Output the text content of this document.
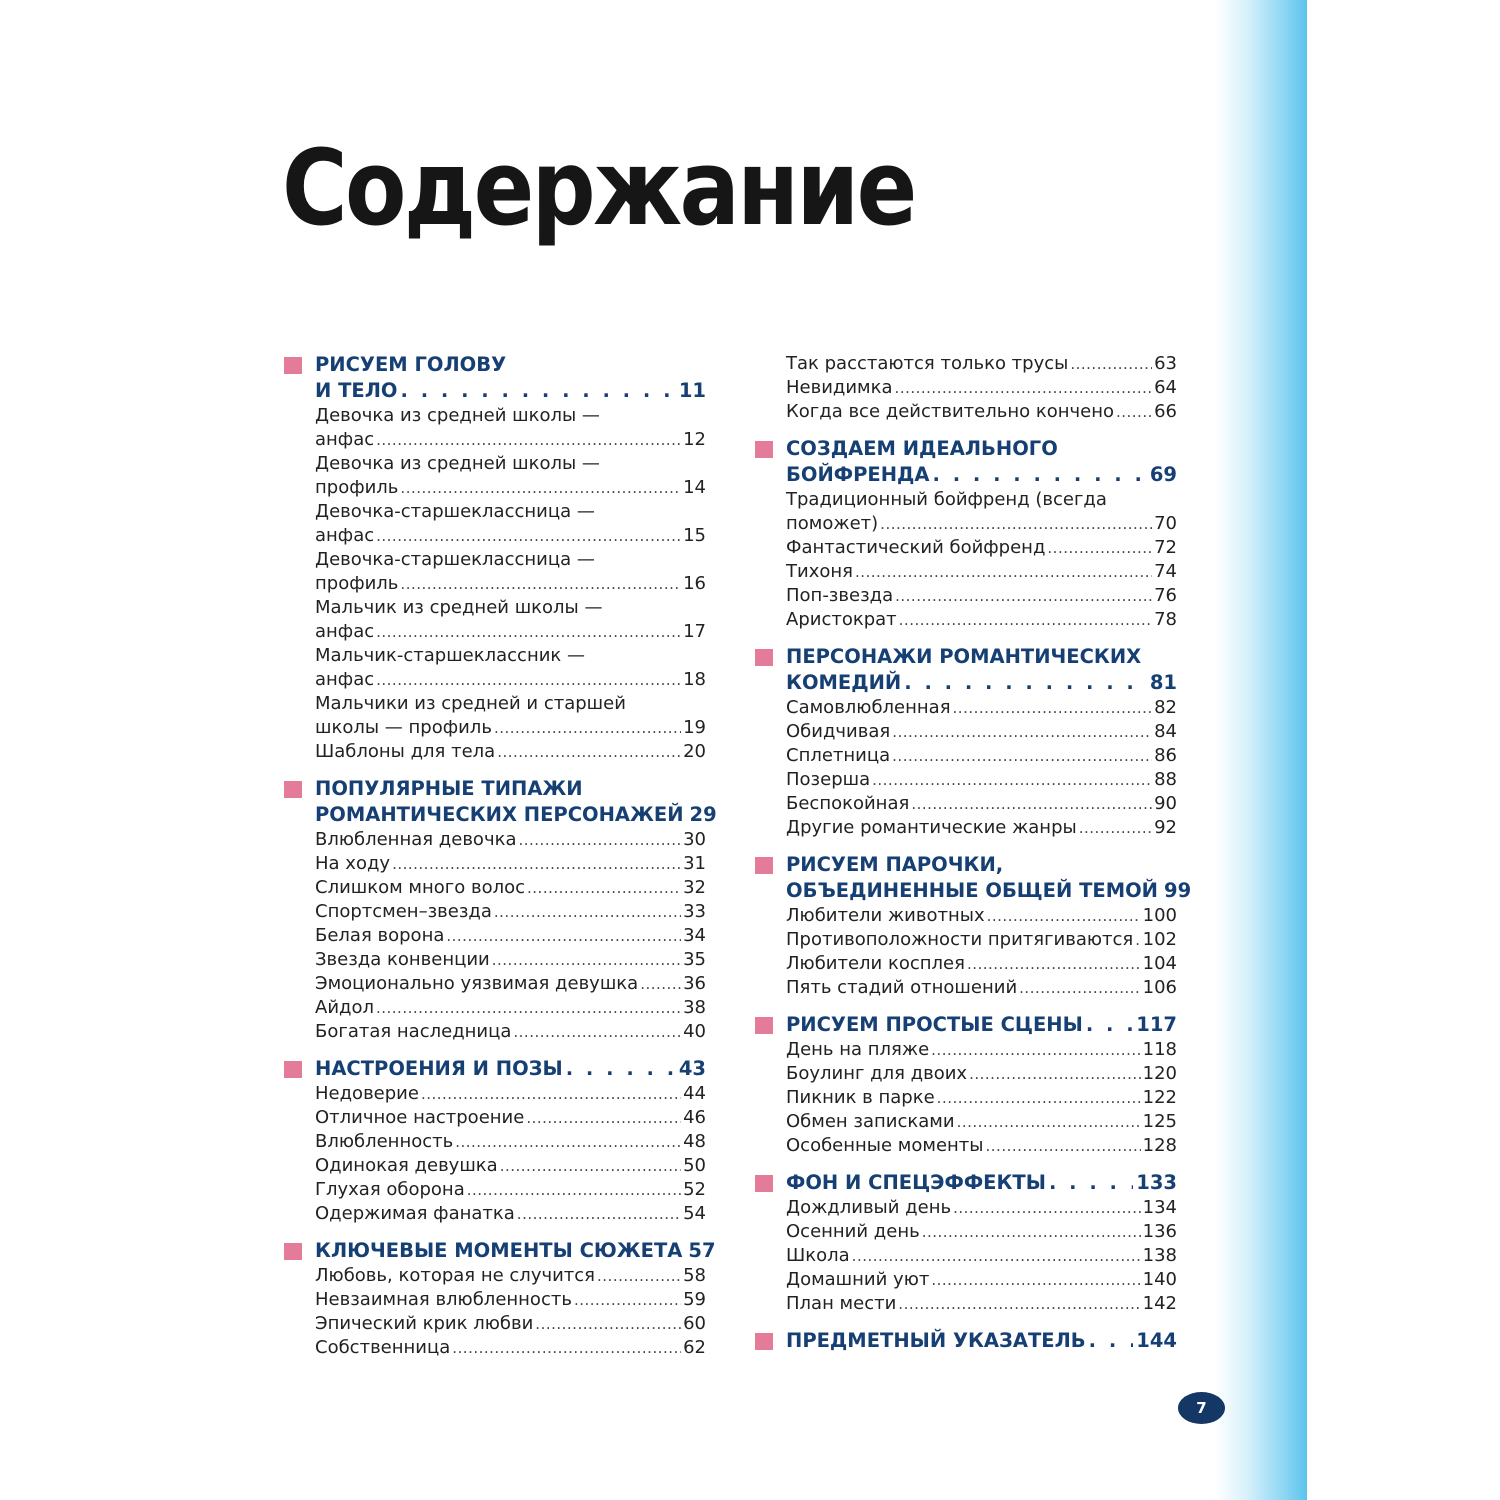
Содержание
РИСУЕМ ГОЛОВУ
И ТЕЛО . . .	11
Девочка из средней школы —
анфас .....	12
Девочка из средней школы —
профиль .....	14
Девочка-старшеклассница —
анфас .....	15
Девочка-старшеклассница —
профиль .....	16
Мальчик из средней школы —
анфас .....	17
Мальчик-старшеклассник —
анфас .....	18
Мальчики из средней и старшей
школы — профиль .....	19
Шаблоны для тела .....	20
ПОПУЛЯРНЫЕ ТИПАЖИ
РОМАНТИЧЕСКИХ ПЕРСОНАЖЕЙ 29
Влюбленная девочка .....	30
На ходу .....	31
Слишком много волос .....	32
Спортсмен–звезда .....	33
Белая ворона .....	34
Звезда конвенции .....	35
Эмоционально уязвимая девушка ..... 36
Айдол .....	38
Богатая наследница .....	40
НАСТРОЕНИЯ И ПОЗЫ . . .	43
Недоверие .....	44
Отличное настроение .....	46
Влюбленность .....	48
Одинокая девушка .....	50
Глухая оборона .....	52
Одержимая фанатка .....	54
КЛЮЧЕВЫЕ МОМЕНТЫ СЮЖЕТА 57
Любовь, которая не случится .....	58
Невзаимная влюбленность .....	59
Эпический крик любви .....	60
Собственница .....	62
Так расстаются только трусы .....	63
Невидимка .....	64
Когда все действительно кончено ..... 66
СОЗДАЕМ ИДЕАЛЬНОГО
БОЙФРЕНДА . . .	69
Традиционный бойфренд (всегда
поможет) .....	70
Фантастический бойфренд .....	72
Тихоня .....	74
Поп-звезда .....	76
Аристократ .....	78
ПЕРСОНАЖИ РОМАНТИЧЕСКИХ
КОМЕДИЙ . . .	81
Самовлюбленная .....	82
Обидчивая .....	84
Сплетница .....	86
Позерша .....	88
Беспокойная .....	90
Другие романтические жанры .....	92
РИСУЕМ ПАРОЧКИ,
ОБЪЕДИНЕННЫЕ ОБЩЕЙ ТЕМОЙ 99
Любители животных .....	100
Противоположности притягиваются ..... 102
Любители косплея .....	104
Пять стадий отношений .....	106
РИСУЕМ ПРОСТЫЕ СЦЕНЫ . . .	117
День на пляже .....	118
Боулинг для двоих .....	120
Пикник в парке .....	122
Обмен записками .....	125
Особенные моменты .....	128
ФОН И СПЕЦЭФФЕКТЫ . . .	133
Дождливый день .....	134
Осенний день .....	136
Школа .....	138
Домашний уют .....	140
План мести .....	142
ПРЕДМЕТНЫЙ УКАЗАТЕЛЬ . . .	144
7
